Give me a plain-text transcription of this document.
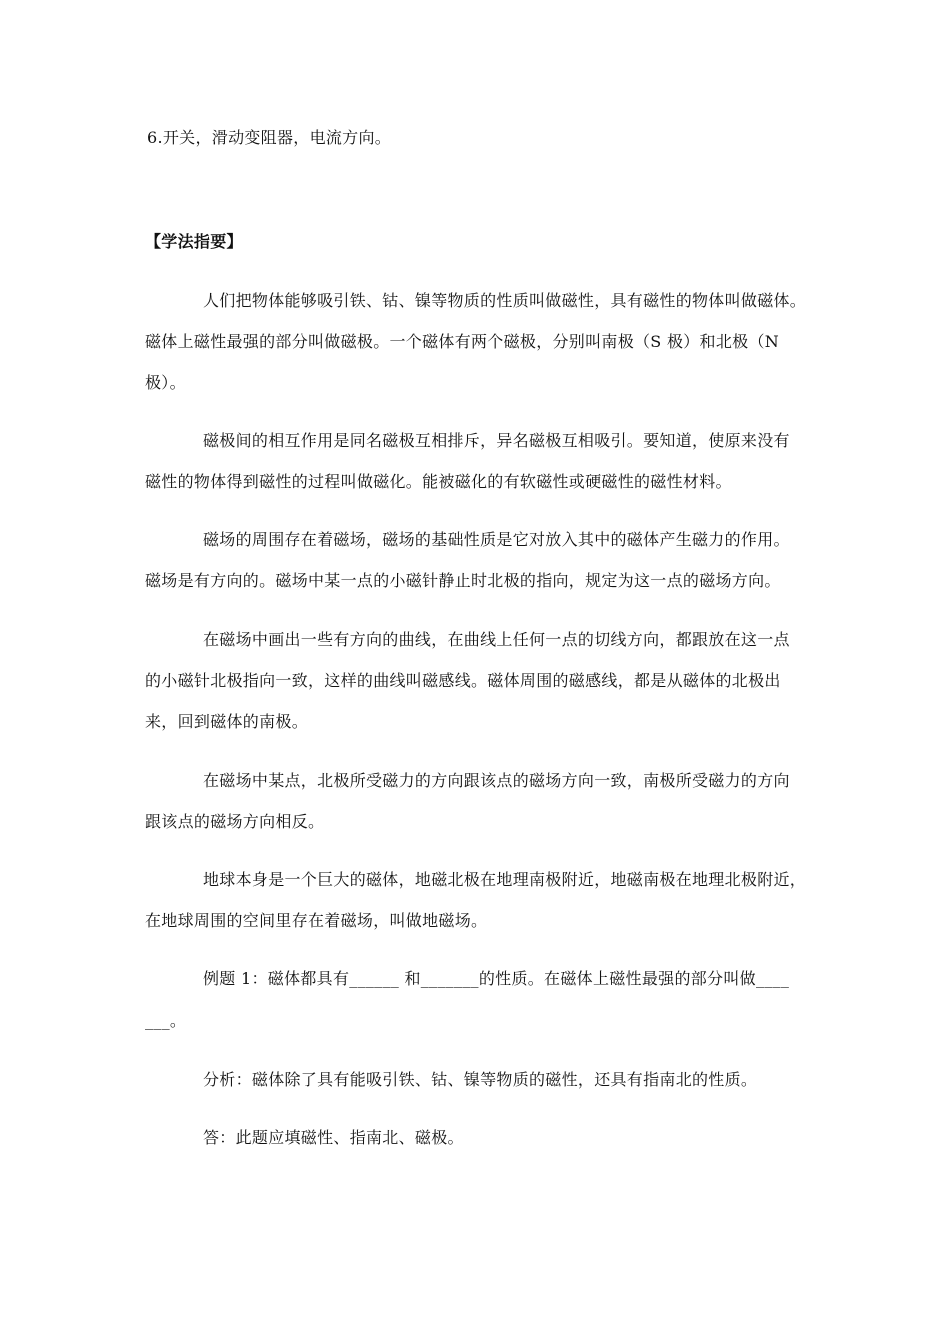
6.开关，滑动变阻器，电流方向。
【学法指要】
人们把物体能够吸引铁、钴、镍等物质的性质叫做磁性，具有磁性的物体叫做磁体。
磁体上磁性最强的部分叫做磁极。一个磁体有两个磁极，分别叫南极（S 极）和北极（N
极）。
磁极间的相互作用是同名磁极互相排斥，异名磁极互相吸引。要知道，使原来没有
磁性的物体得到磁性的过程叫做磁化。能被磁化的有软磁性或硬磁性的磁性材料。
磁场的周围存在着磁场，磁场的基础性质是它对放入其中的磁体产生磁力的作用。
磁场是有方向的。磁场中某一点的小磁针静止时北极的指向，规定为这一点的磁场方向。
在磁场中画出一些有方向的曲线，在曲线上任何一点的切线方向，都跟放在这一点
的小磁针北极指向一致，这样的曲线叫磁感线。磁体周围的磁感线，都是从磁体的北极出
来，回到磁体的南极。
在磁场中某点，北极所受磁力的方向跟该点的磁场方向一致，南极所受磁力的方向
跟该点的磁场方向相反。
地球本身是一个巨大的磁体，地磁北极在地理南极附近，地磁南极在地理北极附近，
在地球周围的空间里存在着磁场，叫做地磁场。
例题 1：磁体都具有______ 和_______的性质。在磁体上磁性最强的部分叫做____
___。
分析：磁体除了具有能吸引铁、钴、镍等物质的磁性，还具有指南北的性质。
答：此题应填磁性、指南北、磁极。
